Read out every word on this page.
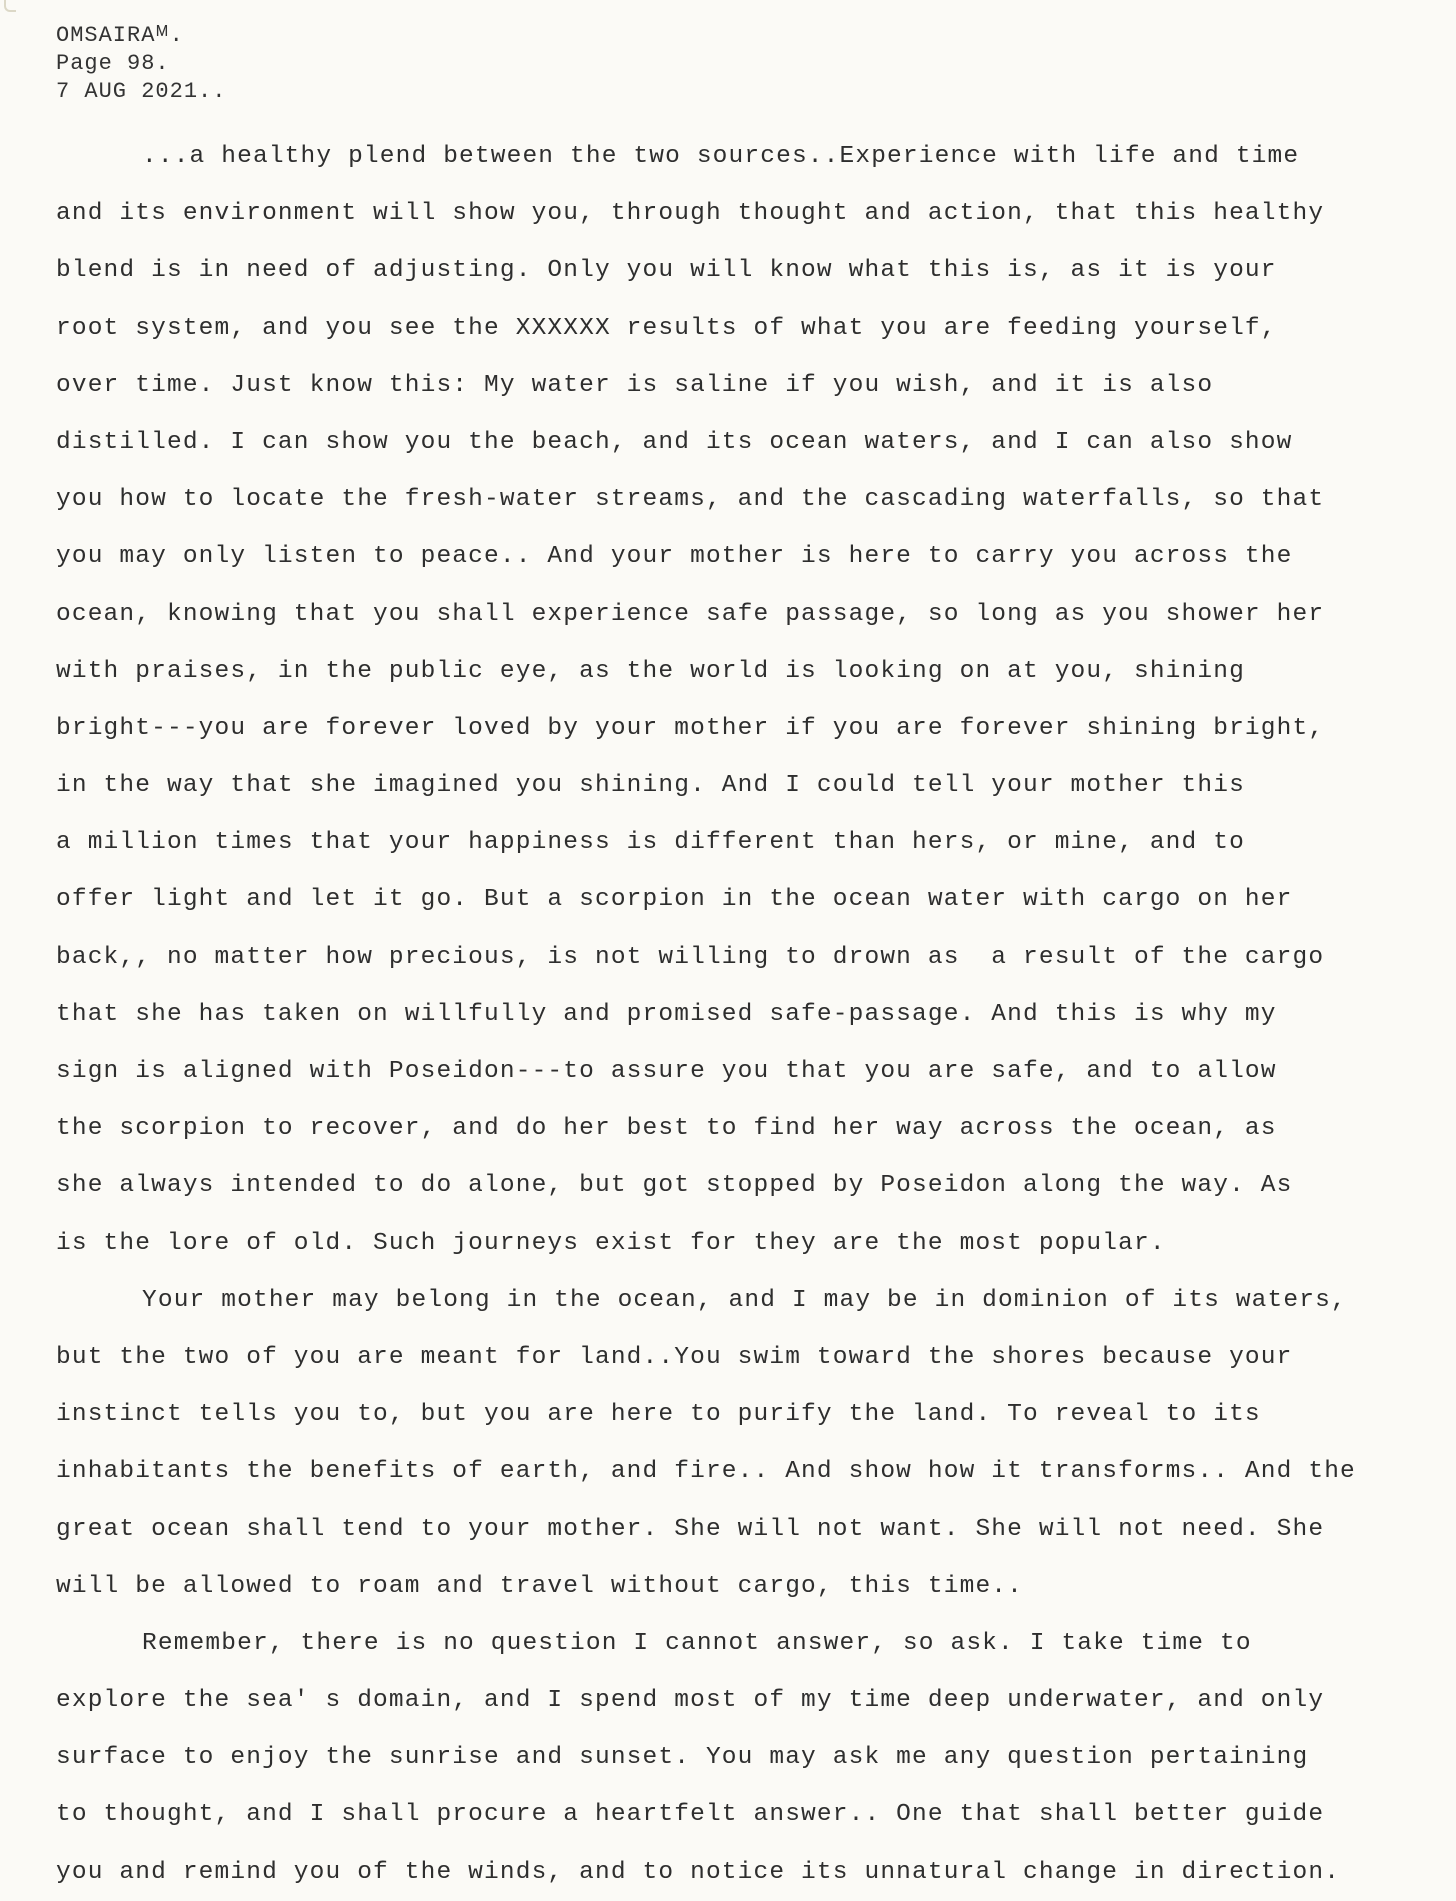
OMSAIRAᴹ.
Page 98.
7 AUG 2021..
...a healthy plend between the two sources..Experience with life and time
and its environment will show you, through thought and action, that this healthy
blend is in need of adjusting. Only you will know what this is, as it is your
root system, and you see the XXXXXX results of what you are feeding yourself,
over time. Just know this: My water is saline if you wish, and it is also
distilled. I can show you the beach, and its ocean waters, and I can also show
you how to locate the fresh-water streams, and the cascading waterfalls, so that
you may only listen to peace.. And your mother is here to carry you across the
ocean, knowing that you shall experience safe passage, so long as you shower her
with praises, in the public eye, as the world is looking on at you, shining
bright---you are forever loved by your mother if you are forever shining bright,
in the way that she imagined you shining. And I could tell your mother this
a million times that your happiness is different than hers, or mine, and to
offer light and let it go. But a scorpion in the ocean water with cargo on her
back,, no matter how precious, is not willing to drown as  a result of the cargo
that she has taken on willfully and promised safe-passage. And this is why my
sign is aligned with Poseidon---to assure you that you are safe, and to allow
the scorpion to recover, and do her best to find her way across the ocean, as
she always intended to do alone, but got stopped by Poseidon along the way. As
is the lore of old. Such journeys exist for they are the most popular.
Your mother may belong in the ocean, and I may be in dominion of its waters,
but the two of you are meant for land..You swim toward the shores because your
instinct tells you to, but you are here to purify the land. To reveal to its
inhabitants the benefits of earth, and fire.. And show how it transforms.. And the
great ocean shall tend to your mother. She will not want. She will not need. She
will be allowed to roam and travel without cargo, this time..
Remember, there is no question I cannot answer, so ask. I take time to
explore the sea' s domain, and I spend most of my time deep underwater, and only
surface to enjoy the sunrise and sunset. You may ask me any question pertaining
to thought, and I shall procure a heartfelt answer.. One that shall better guide
you and remind you of the winds, and to notice its unnatural change in direction.
